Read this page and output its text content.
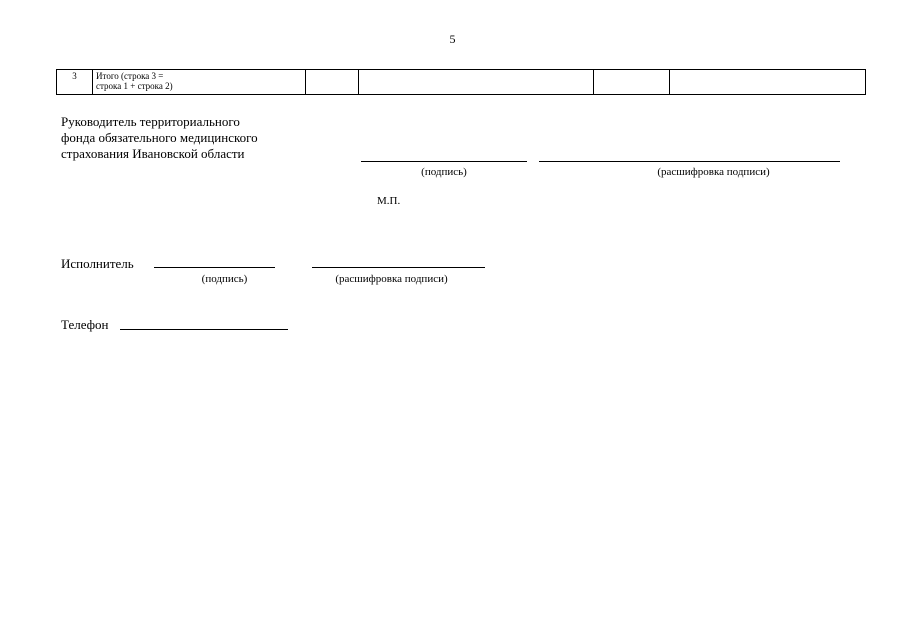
5
3	Итого (строка 3 =
строка 1 + строка 2)				
Руководитель территориального
фонда обязательного медицинского
страхования Ивановской области
(подпись)	(расшифровка подписи)
М.П.
Исполнитель
(подпись)	(расшифровка подписи)
Телефон
